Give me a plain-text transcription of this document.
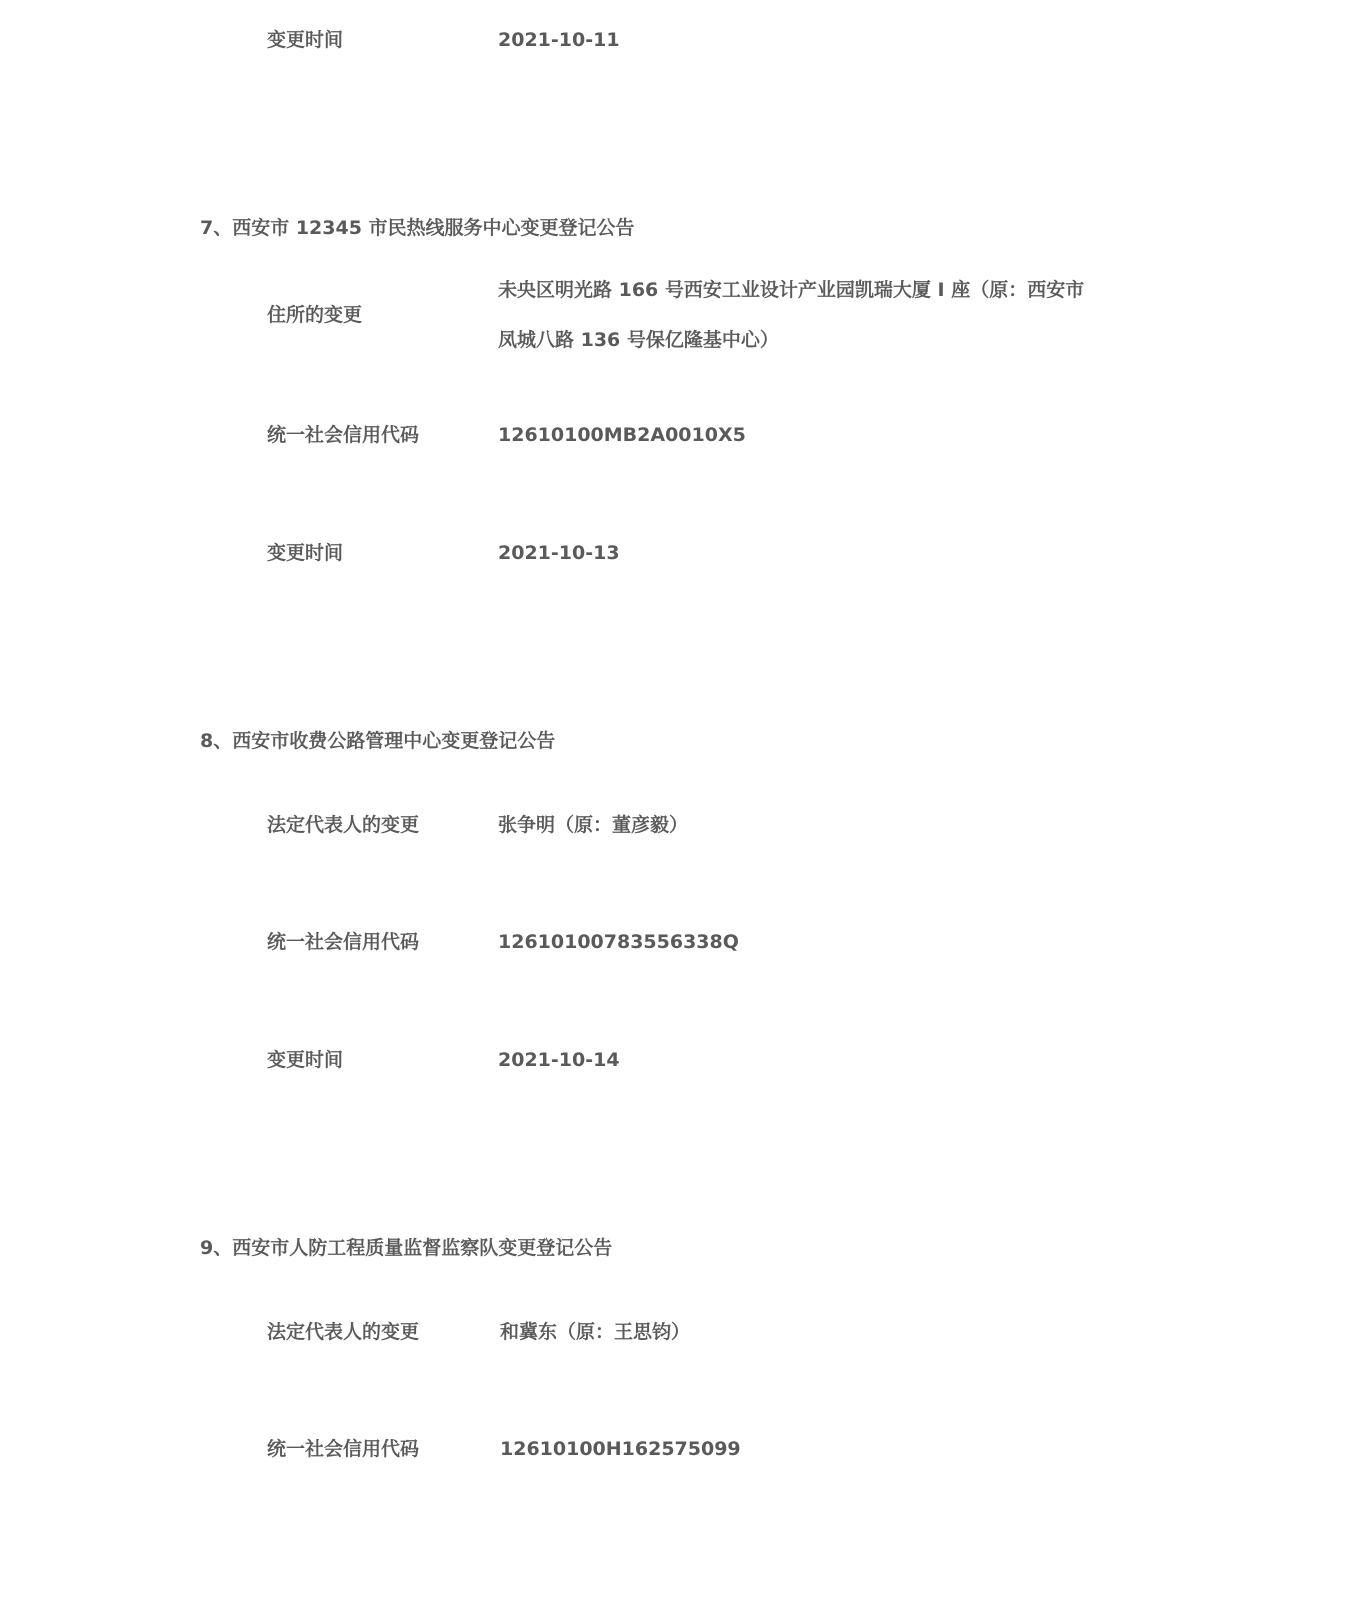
变更时间	2021-10-11
7、西安市 12345 市民热线服务中心变更登记公告
住所的变更
未央区明光路 166 号西安工业设计产业园凯瑞大厦 I 座（原：西安市
凤城八路 136 号保亿隆基中心）
统一社会信用代码	12610100MB2A0010X5
变更时间	2021-10-13
8、西安市收费公路管理中心变更登记公告
法定代表人的变更	张争明（原：董彦毅）
统一社会信用代码	12610100783556338Q
变更时间	2021-10-14
9、西安市人防工程质量监督监察队变更登记公告
法定代表人的变更	和冀东（原：王思钧）
统一社会信用代码	12610100H162575099
